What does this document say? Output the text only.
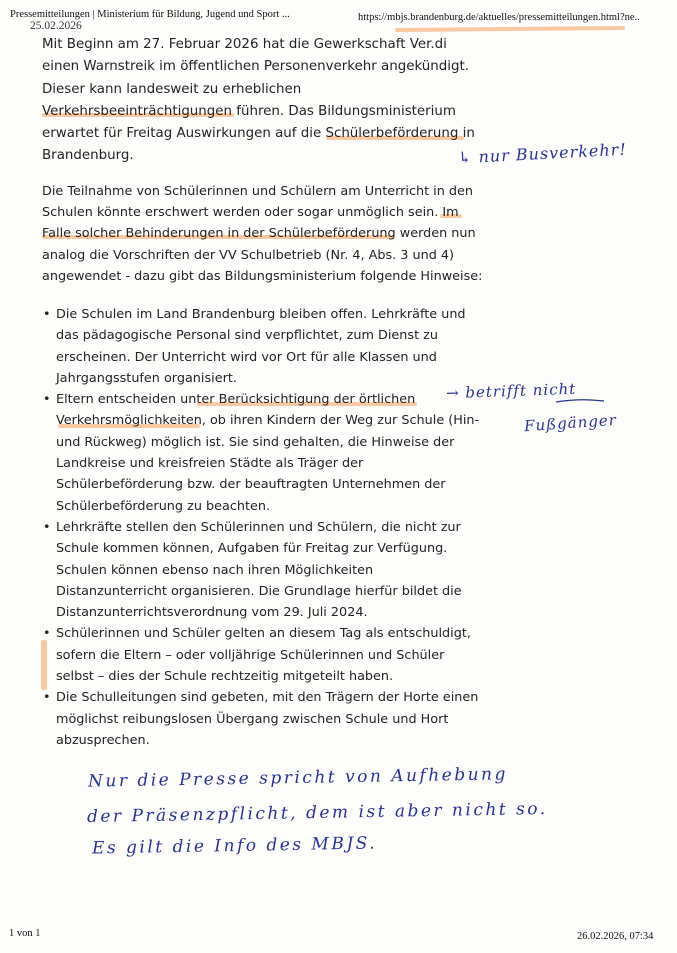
Pressemitteilungen | Ministerium für Bildung, Jugend und Sport ...	https://mbjs.brandenburg.de/aktuelles/pressemitteilungen.html?ne..
25.02.2026

Mit Beginn am 27. Februar 2026 hat die Gewerkschaft Ver.di
einen Warnstreik im öffentlichen Personenverkehr angekündigt.
Dieser kann landesweit zu erheblichen
Verkehrsbeeinträchtigungen führen. Das Bildungsministerium
erwartet für Freitag Auswirkungen auf die Schülerbeförderung in
Brandenburg.

Die Teilnahme von Schülerinnen und Schülern am Unterricht in den
Schulen könnte erschwert werden oder sogar unmöglich sein. Im
Falle solcher Behinderungen in der Schülerbeförderung werden nun
analog die Vorschriften der VV Schulbetrieb (Nr. 4, Abs. 3 und 4)
angewendet - dazu gibt das Bildungsministerium folgende Hinweise:

• Die Schulen im Land Brandenburg bleiben offen. Lehrkräfte und
das pädagogische Personal sind verpflichtet, zum Dienst zu
erscheinen. Der Unterricht wird vor Ort für alle Klassen und
Jahrgangsstufen organisiert.
• Eltern entscheiden unter Berücksichtigung der örtlichen
Verkehrsmöglichkeiten, ob ihren Kindern der Weg zur Schule (Hin-
und Rückweg) möglich ist. Sie sind gehalten, die Hinweise der
Landkreise und kreisfreien Städte als Träger der
Schülerbeförderung bzw. der beauftragten Unternehmen der
Schülerbeförderung zu beachten.
• Lehrkräfte stellen den Schülerinnen und Schülern, die nicht zur
Schule kommen können, Aufgaben für Freitag zur Verfügung.
Schulen können ebenso nach ihren Möglichkeiten
Distanzunterricht organisieren. Die Grundlage hierfür bildet die
Distanzunterrichtsverordnung vom 29. Juli 2024.
• Schülerinnen und Schüler gelten an diesem Tag als entschuldigt,
sofern die Eltern – oder volljährige Schülerinnen und Schüler
selbst – dies der Schule rechtzeitig mitgeteilt haben.
• Die Schulleitungen sind gebeten, mit den Trägern der Horte einen
möglichst reibungslosen Übergang zwischen Schule und Hort
abzusprechen.
↳ nur Busverkehr!
→ betrifft nicht
Fußgänger
Nur die Presse spricht von Aufhebung
der Präsenzpflicht, dem ist aber nicht so.
Es gilt die Info des MBJS.
1 von 1	26.02.2026, 07:34
